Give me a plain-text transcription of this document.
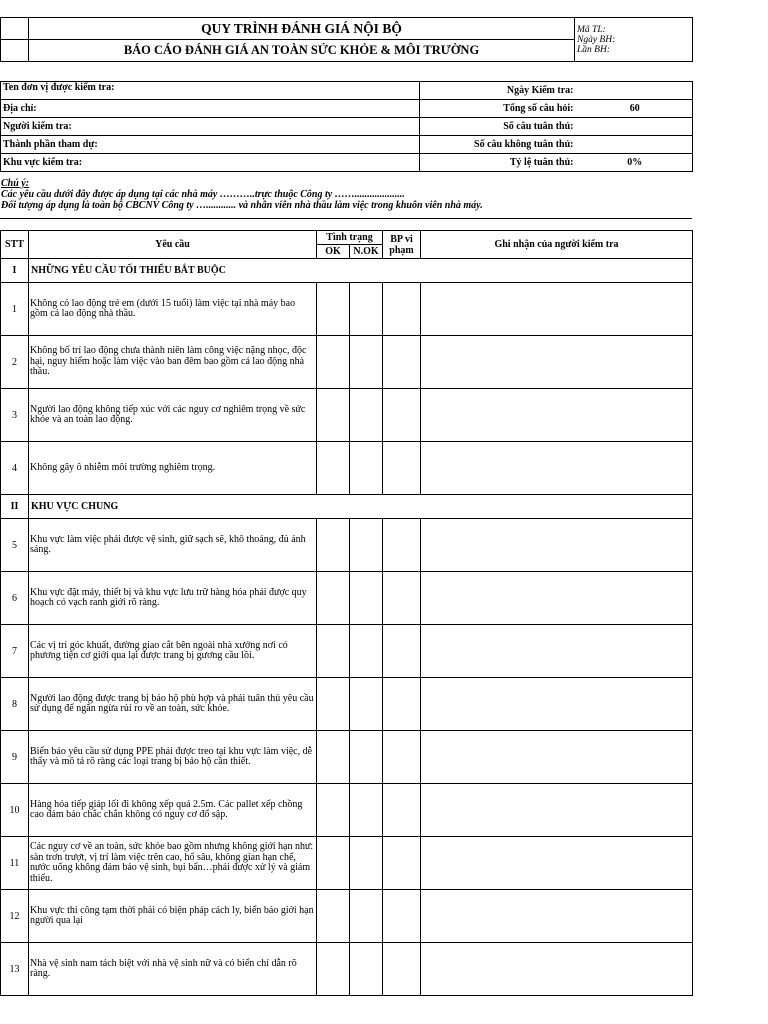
	QUY TRÌNH ĐÁNH GIÁ NỘI BỘ	Mã TL:
Ngày BH:
Lần BH:

	BÁO CÁO ĐÁNH GIÁ AN TOÀN SỨC KHỎE & MÔI TRƯỜNG	
Ten đơn vị được kiểm tra:	Ngày Kiểm tra:	
Địa chỉ:	Tổng số câu hỏi:	60
Người kiểm tra:	Số câu tuân thủ:	
Thành phần tham dự:	Số câu không tuân thủ:	
Khu vực kiểm tra:	Tỷ lệ tuân thủ:	0%
Chú ý:
Các yêu cầu dưới đây được áp dụng tại các nhà máy ………..trực thuộc Công ty ……....................
Đối tượng áp dụng là toàn bộ CBCNV Công ty …............ và nhân viên nhà thầu làm việc trong khuôn viên nhà máy.
STT	Yêu cầu	Tình trạng		BP vi phạm	Ghi nhận của người kiểm tra
		OK	N.OK		
I	NHỮNG YÊU CẦU TỐI THIỂU BẮT BUỘC				
1	Không có lao động trẻ em (dưới 15 tuổi) làm việc tại nhà máy bao gồm cả lao động nhà thầu.				
2	Không bố trí lao động chưa thành niên làm công việc nặng nhọc, độc hại, nguy hiểm hoặc làm việc vào ban đêm bao gồm cả lao động nhà thầu.				
3	Người lao động không tiếp xúc với các nguy cơ nghiêm trọng về sức khỏe và an toàn lao động.				
4	Không gây ô nhiễm môi trường nghiêm trọng.				
II	KHU VỰC CHUNG				
5	Khu vực làm việc phải được vệ sinh, giữ sạch sẽ, khô thoáng, đủ ánh sáng.				
6	Khu vực đặt máy, thiết bị và khu vực lưu trữ hàng hóa phải được quy hoạch có vạch ranh giới rõ ràng.				
7	Các vị trí góc khuất, đường giao cắt bên ngoài nhà xưởng nơi có phương tiện cơ giới qua lại được trang bị gương cầu lồi.				
8	Người lao động được trang bị bảo hộ phù hợp và phải tuân thủ yêu cầu sử dụng để ngăn ngừa rủi ro về an toàn, sức khỏe.				
9	Biển báo yêu cầu sử dụng PPE phải được treo tại khu vực làm việc, dễ thấy và mô tả rõ ràng các loại trang bị bảo hộ cần thiết.				
10	Hàng hóa tiếp giáp lối đi không xếp quá 2.5m. Các pallet xếp chồng cao đảm bảo chắc chắn không có nguy cơ đổ sập.				
11	Các nguy cơ về an toàn, sức khỏe bao gồm nhưng không giới hạn như: sàn trơn trượt, vị trí làm việc trên cao, hố sâu, không gian hạn chế, nước uống không đảm bảo vệ sinh, bụi bẩn…phải được xử lý và giám thiểu.				
12	Khu vực thi công tạm thời phải có biện pháp cách ly, biển báo giới hạn người qua lại				
13	Nhà vệ sinh nam tách biệt với nhà vệ sinh nữ và có biển chỉ dẫn rõ ràng.				
